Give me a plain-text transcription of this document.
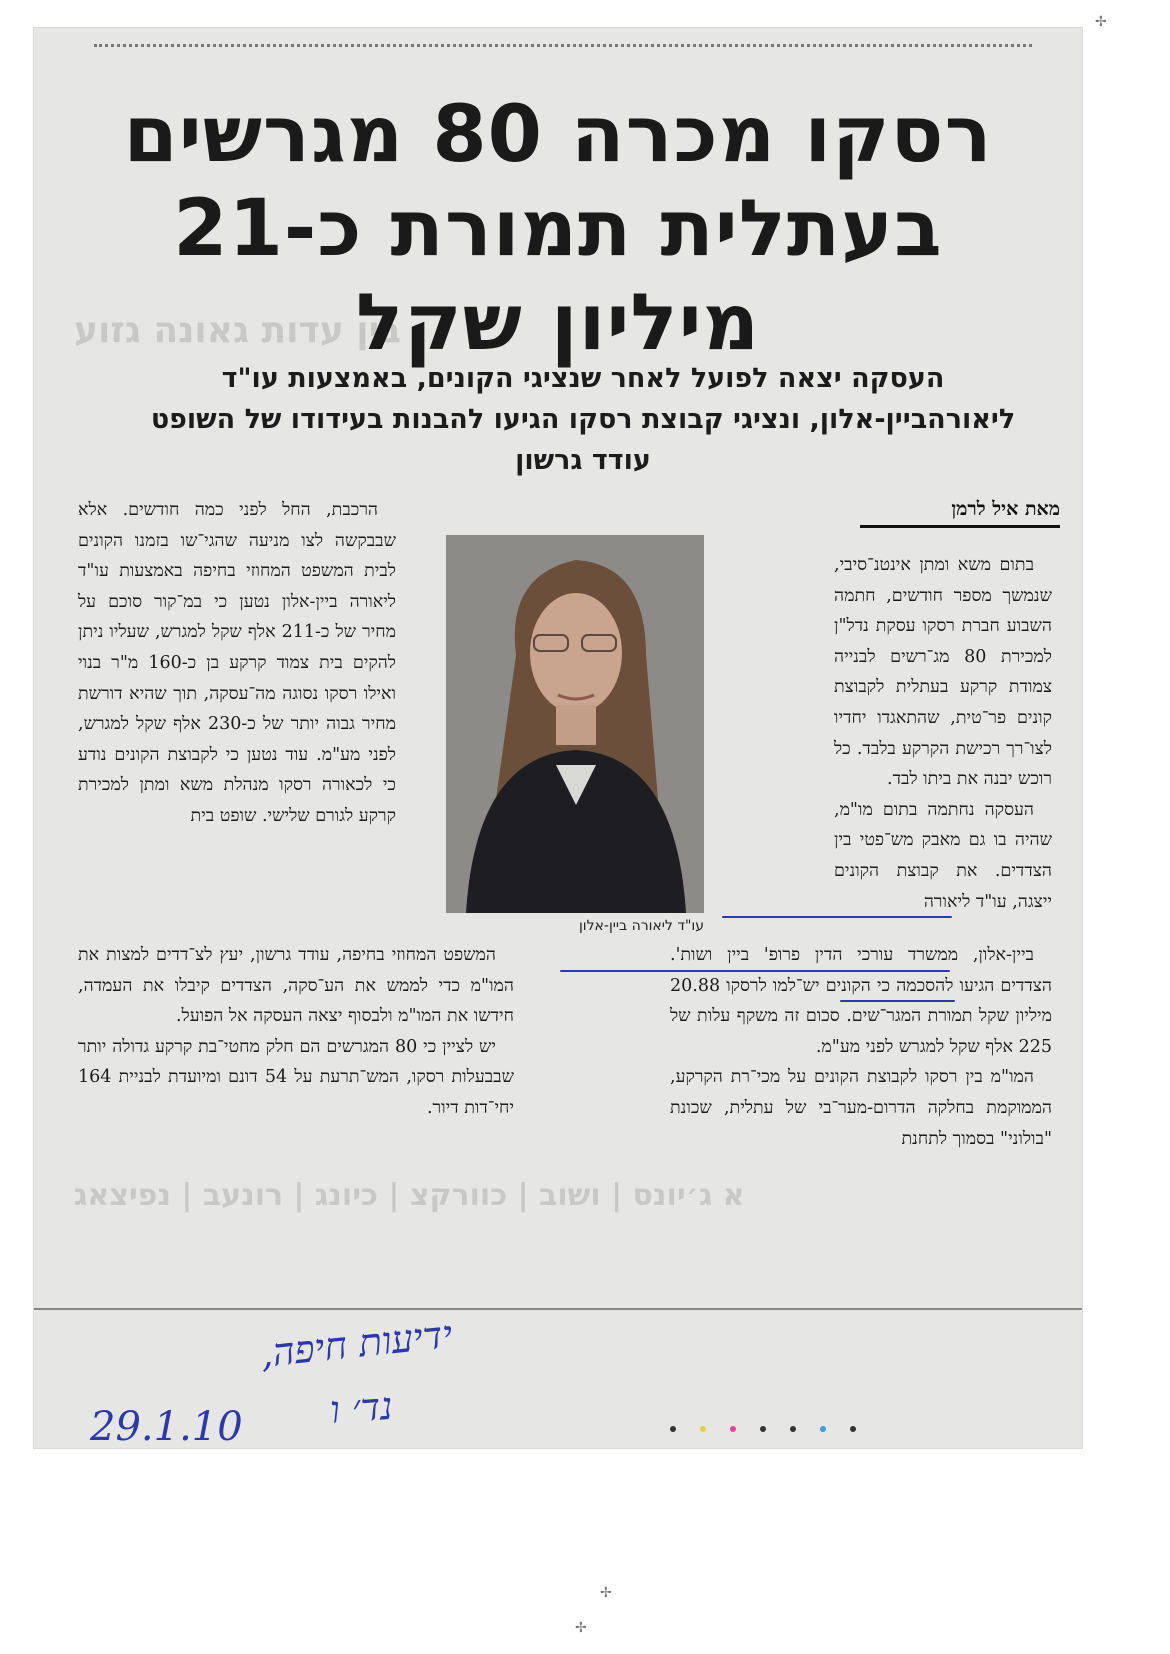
בין עדות גאונה גזוע
א ג׳יונס | ושוב | כוורקצ | כיונג | רונעב | נפיצאג
רסקו מכרה 80 מגרשים בעתלית תמורת כ-21 מיליון שקל
העסקה יצאה לפועל לאחר שנציגי הקונים, באמצעות עו"ד ליאורהביין-אלון, ונציגי קבוצת רסקו הגיעו להבנות בעידודו של השופט עודד גרשון
מאת איל לרמן

בתום משא ומתן אינטנ־סיבי, שנמשך מספר חודשים, חתמה השבוע חברת רסקו עסקת נדל"ן למכירת 80 מג־רשים לבנייה צמודת קרקע בעתלית לקבוצת קונים פר־טית, שהתאגדו יחדיו לצו־רך רכישת הקרקע בלבד. כל רוכש יבנה את ביתו לבד.

העסקה נחתמה בתום מו"מ, שהיה בו גם מאבק מש־פטי בין הצדדים. את קבוצת הקונים ייצגה, עו"ד ליאורה

עו"ד ליאורה ביין-אלון

הרכבת, החל לפני כמה חודשים. אלא שבבקשה לצו מניעה שהגי־שו בזמנו הקונים לבית המשפט המחוזי בחיפה באמצעות עו"ד ליאורה ביין-אלון נטען כי במ־קור סוכם על מחיר של כ-211 אלף שקל למגרש, שעליו ניתן להקים בית צמוד קרקע בן כ-160 מ"ר בנוי ואילו רסקו נסוגה מה־עסקה, תוך שהיא דורשת מחיר גבוה יותר של כ-230 אלף שקל למגרש, לפני מע"מ. עוד נטען כי לקבוצת הקונים נודע כי לכאורה רסקו מנהלת משא ומתן למכירת קרקע לגורם שלישי. שופט בית

ביין-אלון, ממשרד עורכי הדין פרופ' ביין ושות'. הצדדים הגיעו להסכמה כי הקונים יש־למו לרסקו 20.88 מיליון שקל תמורת המגר־שים. סכום זה משקף עלות של 225 אלף שקל למגרש לפני מע"מ.

המו"מ בין רסקו לקבוצת הקונים על מכי־רת הקרקע, הממוקמת בחלקה הדרום-מער־בי של עתלית, שכונת "בולוני" בסמוך לתחנת

המשפט המחוזי בחיפה, עודד גרשון, יעץ לצ־דדים למצות את המו"מ כדי לממש את הע־סקה, הצדדים קיבלו את העמדה, חידשו את המו"מ ולבסוף יצאה העסקה אל הפועל.

יש לציין כי 80 המגרשים הם חלק מחטי־בת קרקע גדולה יותר שבבעלות רסקו, המש־תרעת על 54 דונם ומיועדת לבניית 164 יחי־דות דיור.

ידיעות חיפה,
נד׳ ו
29.1.10
✢
✢
✢
